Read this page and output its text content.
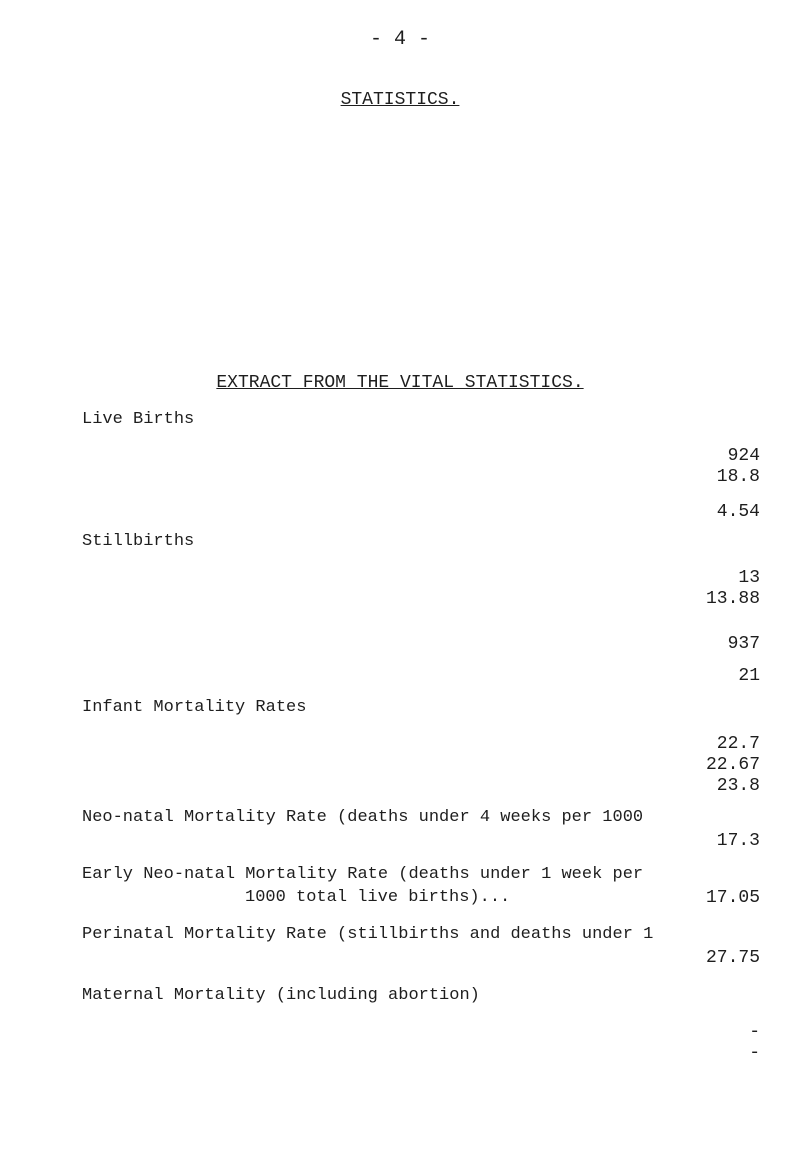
- 4 -
STATISTICS.
EXTRACT FROM THE VITAL STATISTICS.
Live Births
924
18.8
4.54
Stillbirths
13
13.88
937
21
Infant Mortality Rates
22.7
22.67
23.8
Neo-natal Mortality Rate (deaths under 4 weeks per 1000
17.3
Early Neo-natal Mortality Rate (deaths under 1 week per
1000 total live births)...	17.05
Perinatal Mortality Rate (stillbirths and deaths under 1
27.75
Maternal Mortality (including abortion)
-
-
